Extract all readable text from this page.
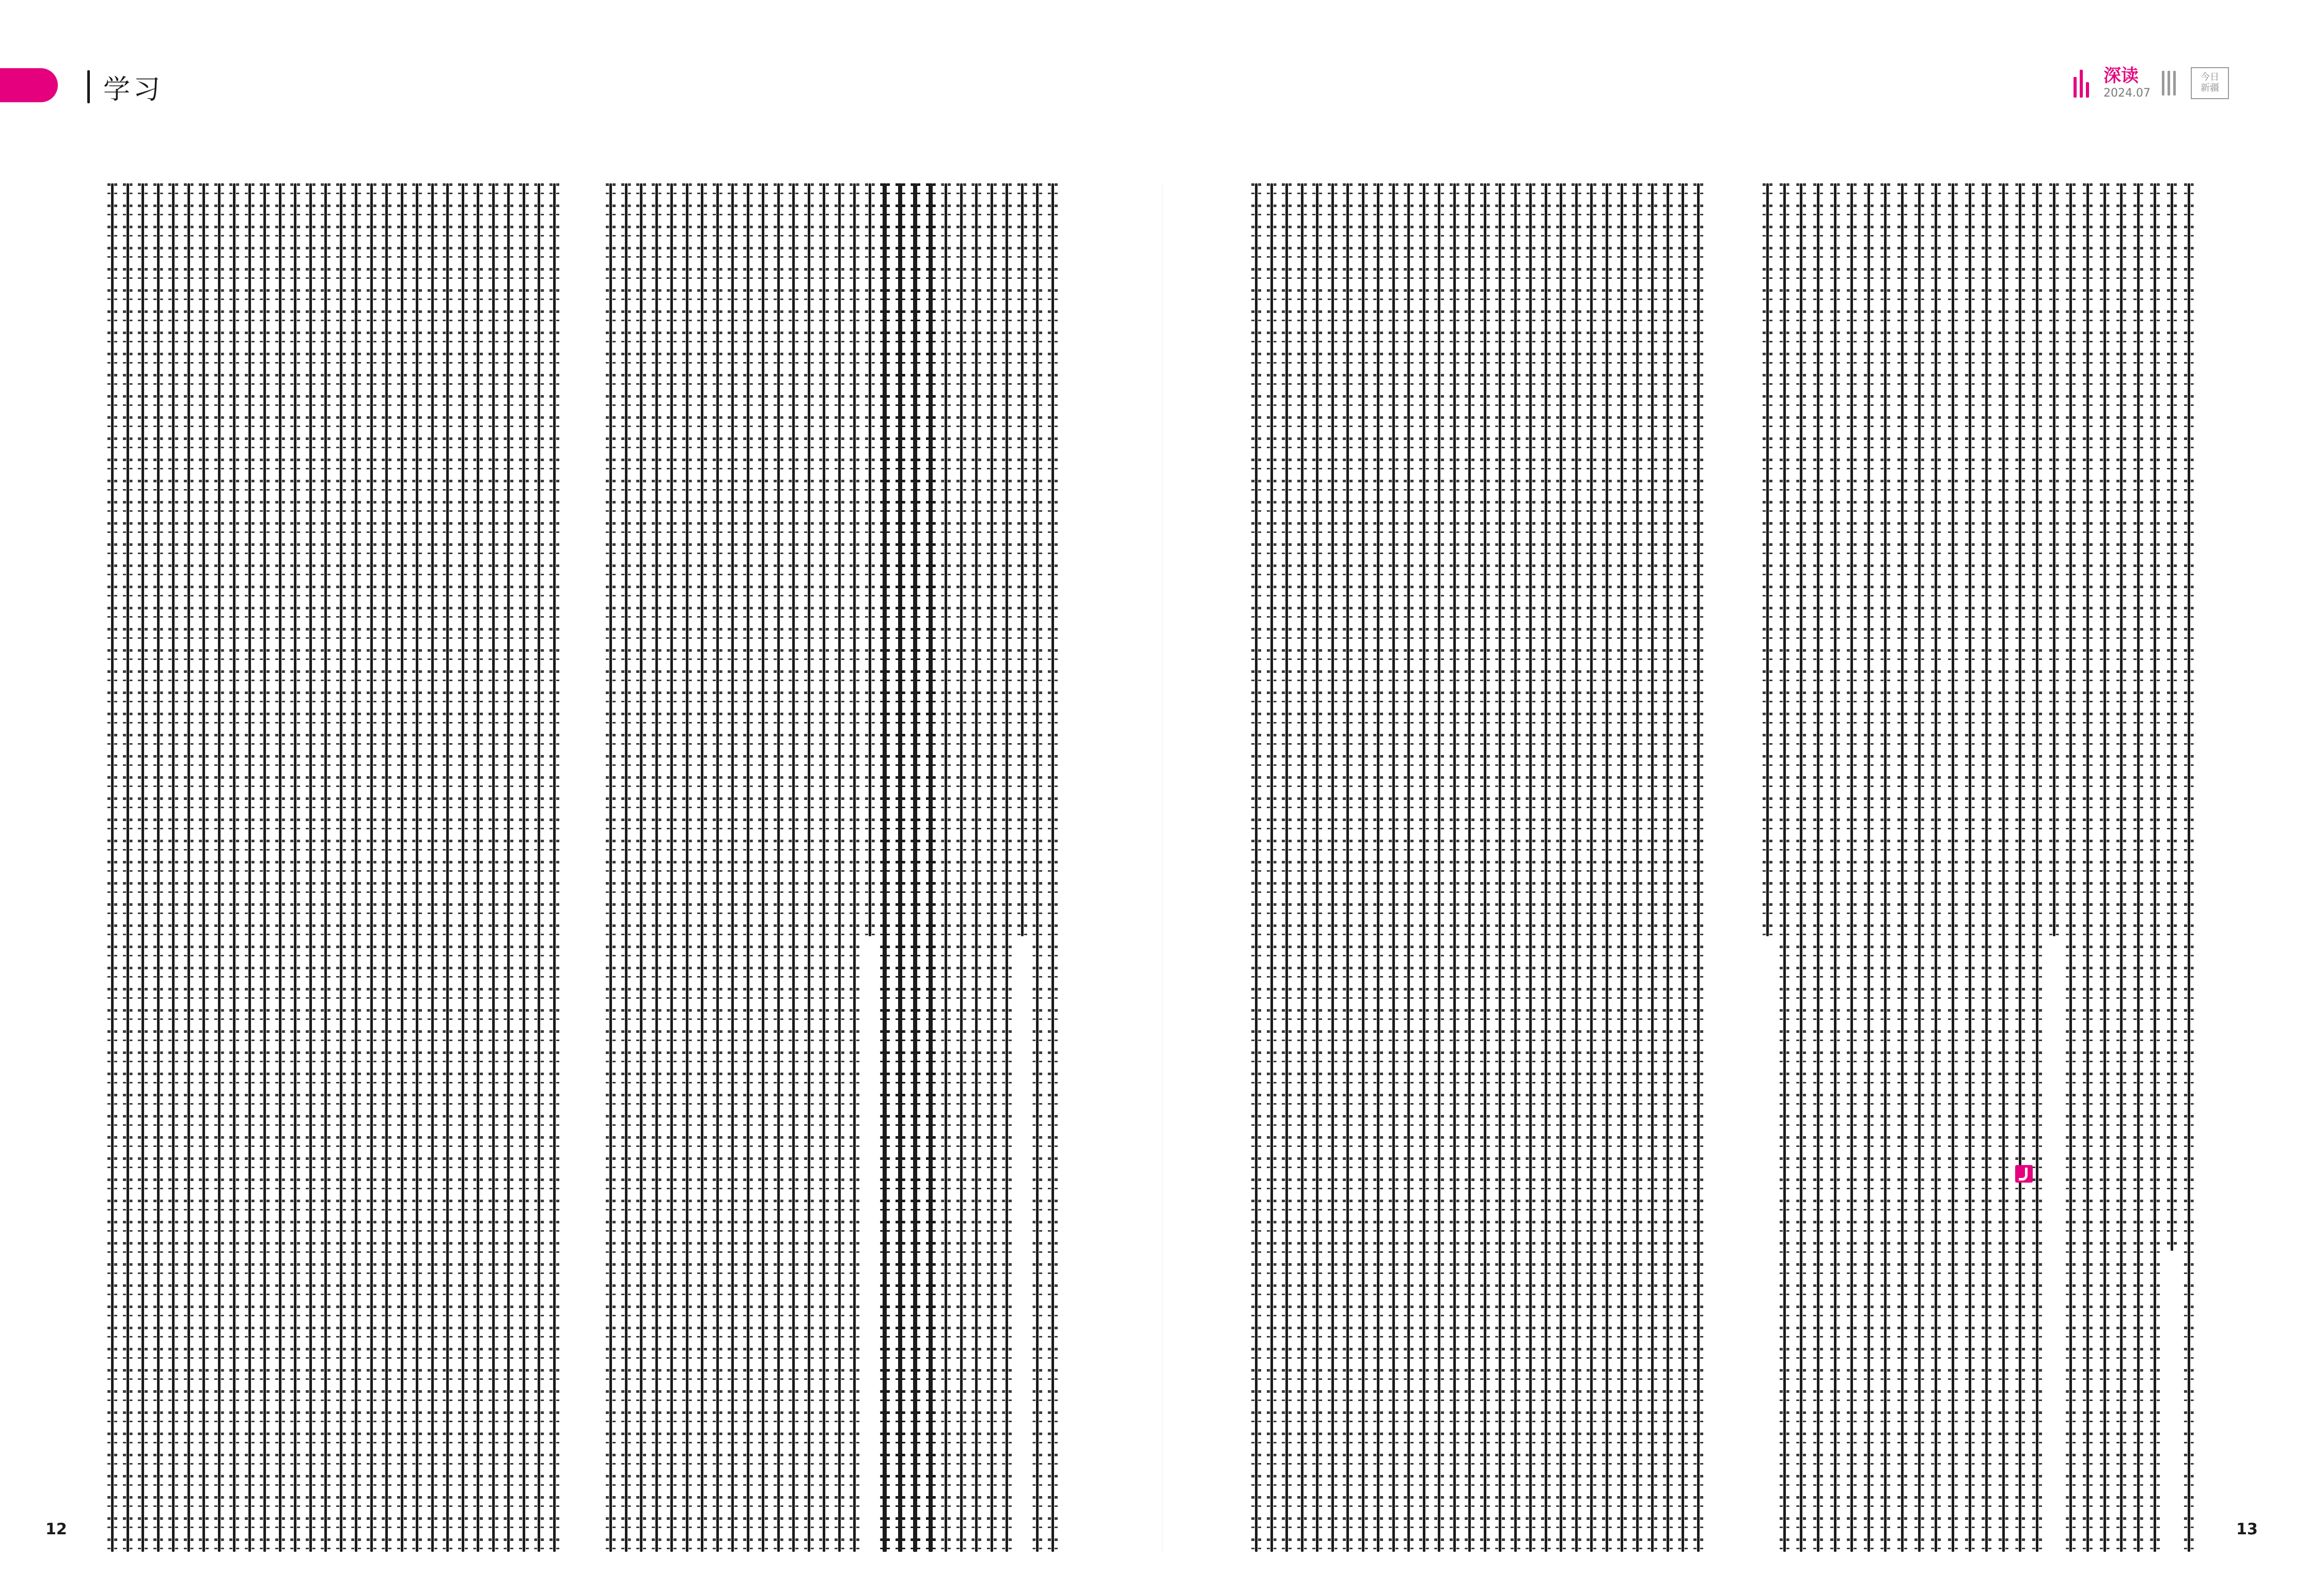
学习	深读
2024.07
今日
新疆
12	13
